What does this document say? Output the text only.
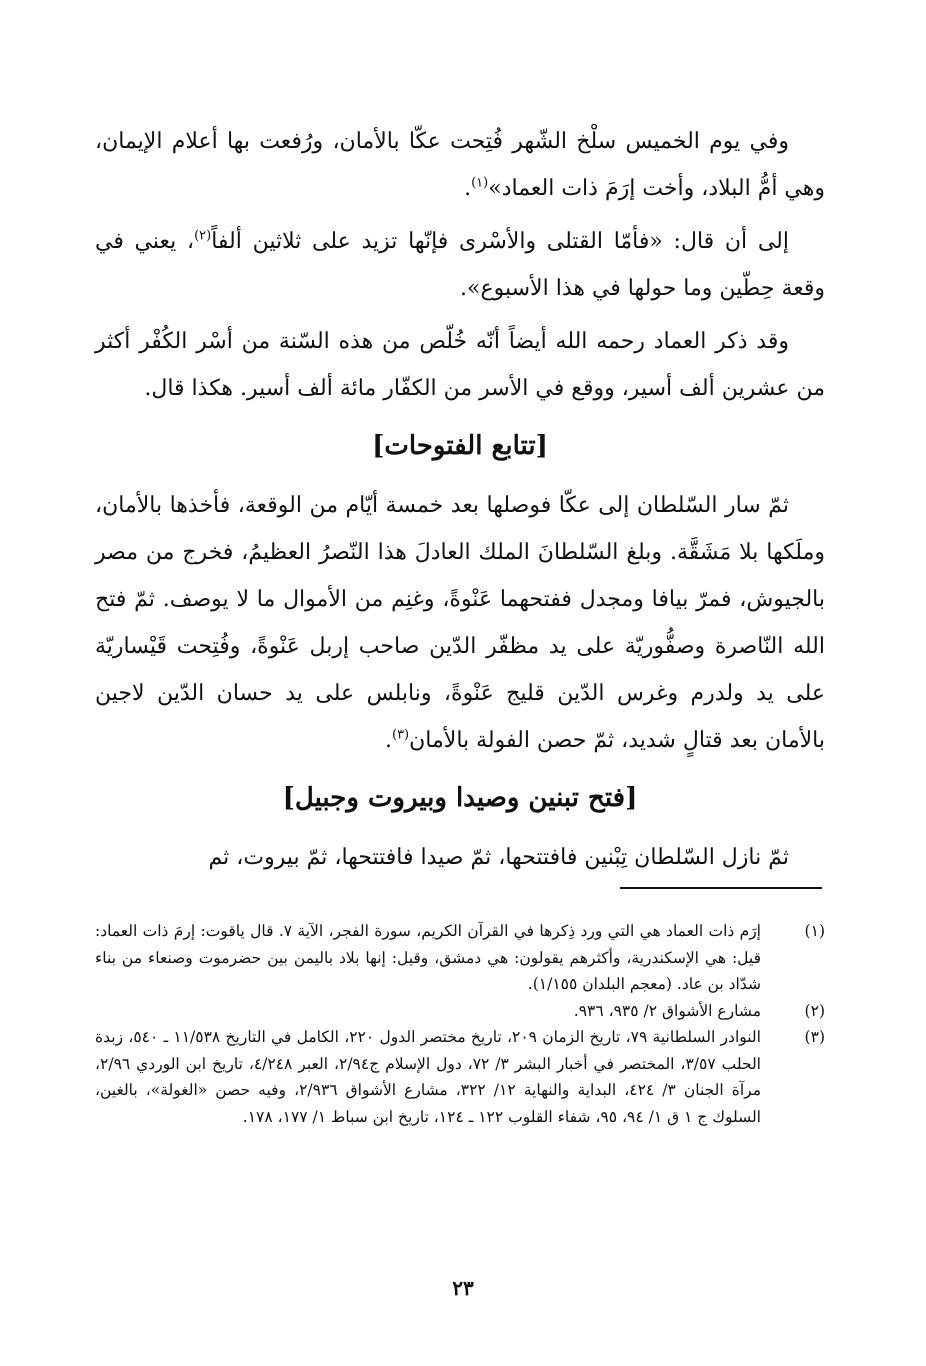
وفي يوم الخميس سلْخ الشّهر فُتِحت عكّا بالأمان، ورُفعت بها أعلام الإيمان، وهي أمُّ البلاد، وأخت إرَمَ ذات العماد»$^{(١)}$.

إلى أن قال: «فأمّا القتلى والأسْرى فإنّها تزيد على ثلاثين ألفاً$^{(٢)}$، يعني في وقعة حِطّين وما حولها في هذا الأسبوع».

وقد ذكر العماد رحمه الله أيضاً أنّه خُلّص من هذه السّنة من أسْر الكُفْر أكثر من عشرين ألف أسير، ووقع في الأسر من الكفّار مائة ألف أسير. هكذا قال.

[تتابع الفتوحات]

ثمّ سار السّلطان إلى عكّا فوصلها بعد خمسة أيّام من الوقعة، فأخذها بالأمان، وملَكها بلا مَشَقَّة. وبلغ السّلطانَ الملك العادلَ هذا النّصرُ العظيمُ، فخرج من مصر بالجيوش، فمرّ بيافا ومجدل ففتحهما عَنْوةً، وغنِم من الأموال ما لا يوصف. ثمّ فتح الله النّاصرة وصفُّوريّة على يد مظفّر الدّين صاحب إربل عَنْوةً، وفُتِحت قَيْساريّة على يد ولدرم وغرس الدّين قليج عَنْوةً، ونابلس على يد حسان الدّين لاجين بالأمان بعد قتالٍ شديد، ثمّ حصن الفولة بالأمان$^{(٣)}$.

[فتح تبنين وصيدا وبيروت وجبيل]

ثمّ نازل السّلطان تِبْنين فافتتحها، ثمّ صيدا فافتتحها، ثمّ بيروت، ثم

(١)
إرَم ذات العماد هي التي ورد ذِكرها في القرآن الكريم، سورة الفجر، الآية ٧. قال ياقوت: إرمَ ذات العماد: قيل: هي الإسكندرية، وأكثرهم يقولون: هي دمشق، وقيل: إنها بلاد باليمن بين حضرموت وصنعاء من بناء شدّاد بن عاد. (معجم البلدان ١/١٥٥).
(٢)
مشارع الأشواق ٢/ ٩٣٥، ٩٣٦.
(٣)
النوادر السلطانية ٧٩، تاريخ الزمان ٢٠٩، تاريخ مختصر الدول ٢٢٠، الكامل في التاريخ ١١/٥٣٨ ـ ٥٤٠، زبدة الحلب ٣/٥٧، المختصر في أخبار البشر ٣/ ٧٢، دول الإسلام ج٢/٩٤، العبر ٤/٢٤٨، تاريخ ابن الوردي ٢/٩٦، مرآة الجنان ٣/ ٤٢٤، البداية والنهاية ١٢/ ٣٢٢، مشارع الأشواق ٢/٩٣٦، وفيه حصن «الغولة»، بالغين، السلوك ج ١ ق ١/ ٩٤، ٩٥، شفاء القلوب ١٢٢ ـ ١٢٤، تاريخ ابن سباط ١/ ١٧٧، ١٧٨.
٢٣
